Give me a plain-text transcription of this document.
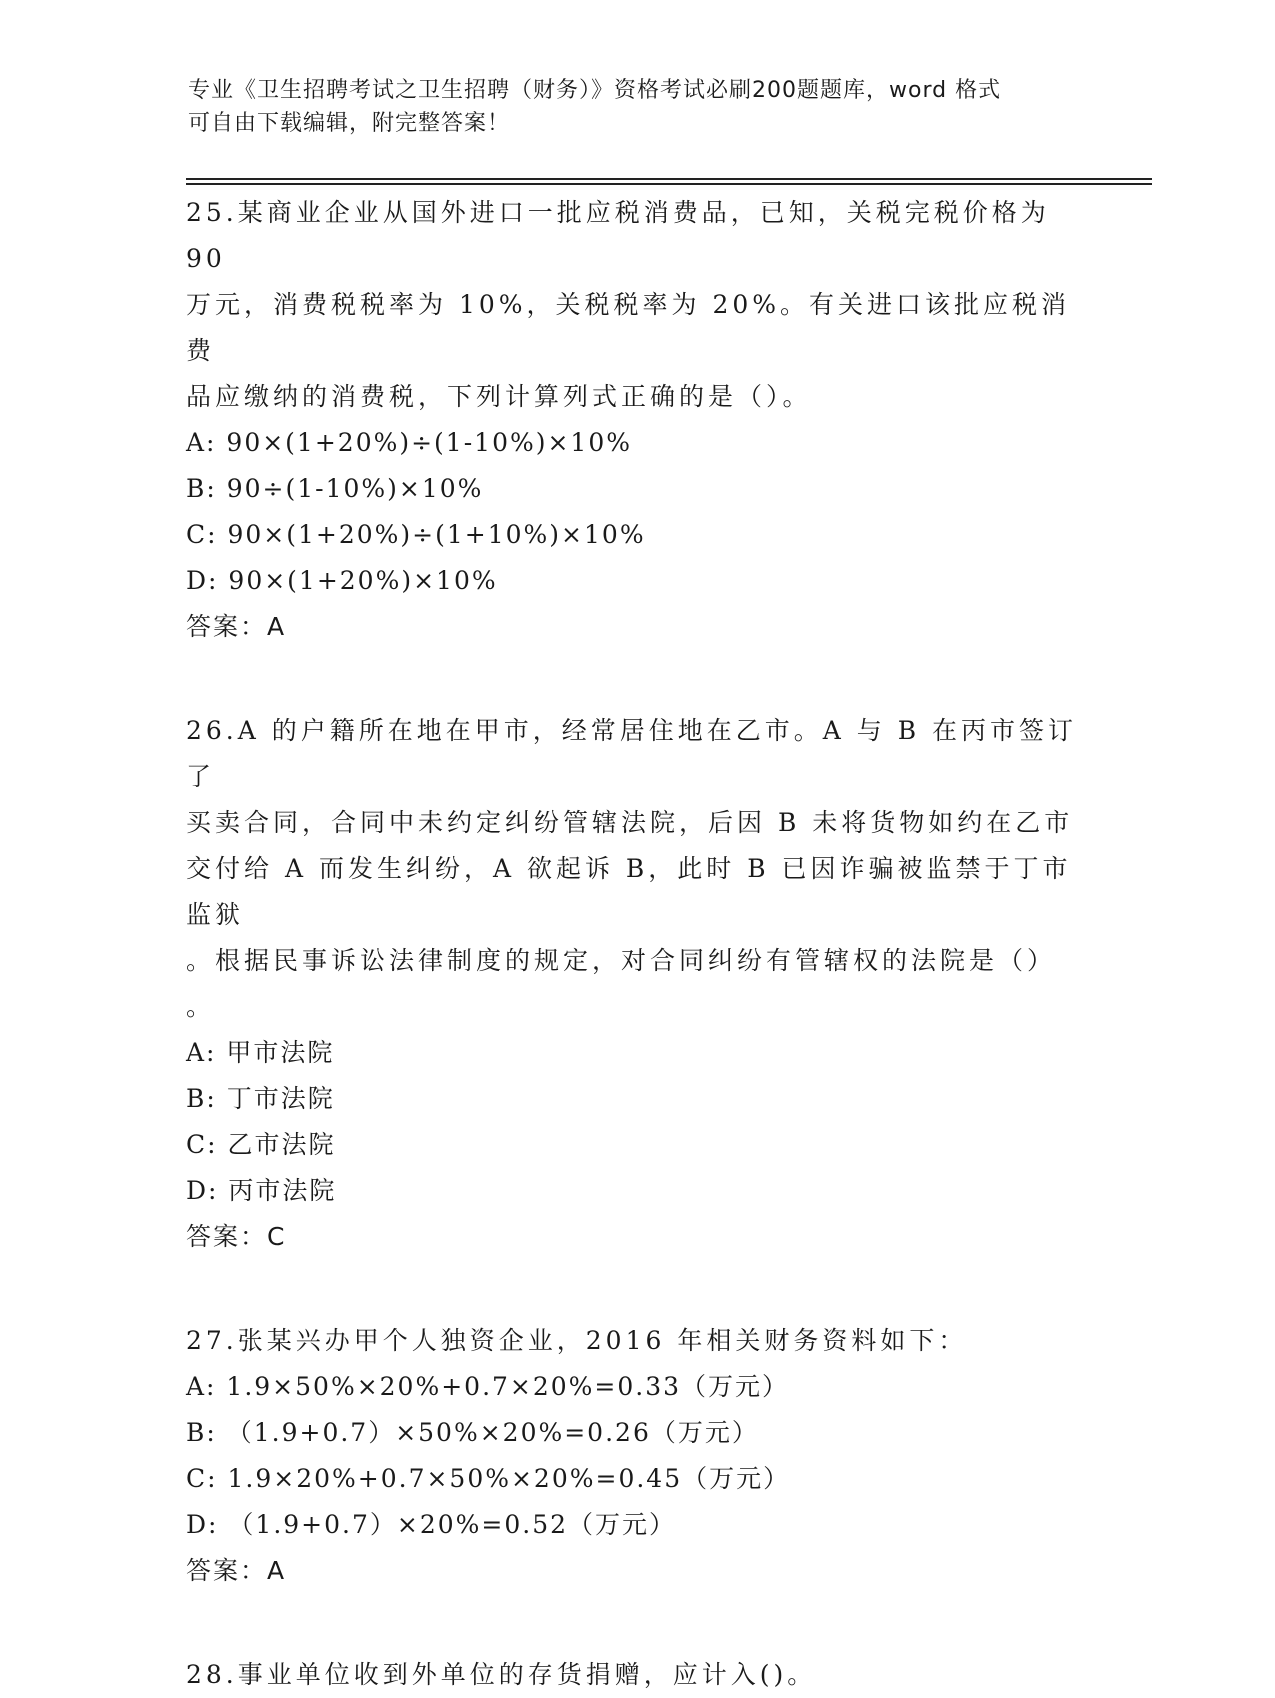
专业《卫生招聘考试之卫生招聘（财务）》资格考试必刷200题题库，word 格式
可自由下载编辑，附完整答案！

25.某商业企业从国外进口一批应税消费品，已知，关税完税价格为 90

万元，消费税税率为 10%，关税税率为 20%。有关进口该批应税消费

品应缴纳的消费税，下列计算列式正确的是（）。

A: 90×(1+20%)÷(1-10%)×10%

B: 90÷(1-10%)×10%

C: 90×(1+20%)÷(1+10%)×10%

D: 90×(1+20%)×10%

答案：A

26.A 的户籍所在地在甲市，经常居住地在乙市。A 与 B 在丙市签订了

买卖合同，合同中未约定纠纷管辖法院，后因 B 未将货物如约在乙市

交付给 A 而发生纠纷，A 欲起诉 B，此时 B 已因诈骗被监禁于丁市监狱

。根据民事诉讼法律制度的规定，对合同纠纷有管辖权的法院是（）

。

A: 甲市法院

B: 丁市法院

C: 乙市法院

D: 丙市法院

答案：C

27.张某兴办甲个人独资企业，2016 年相关财务资料如下：

A: 1.9×50%×20%+0.7×20%=0.33（万元）

B: （1.9+0.7）×50%×20%=0.26（万元）

C: 1.9×20%+0.7×50%×20%=0.45（万元）

D: （1.9+0.7）×20%=0.52（万元）

答案：A

28.事业单位收到外单位的存货捐赠，应计入()。
